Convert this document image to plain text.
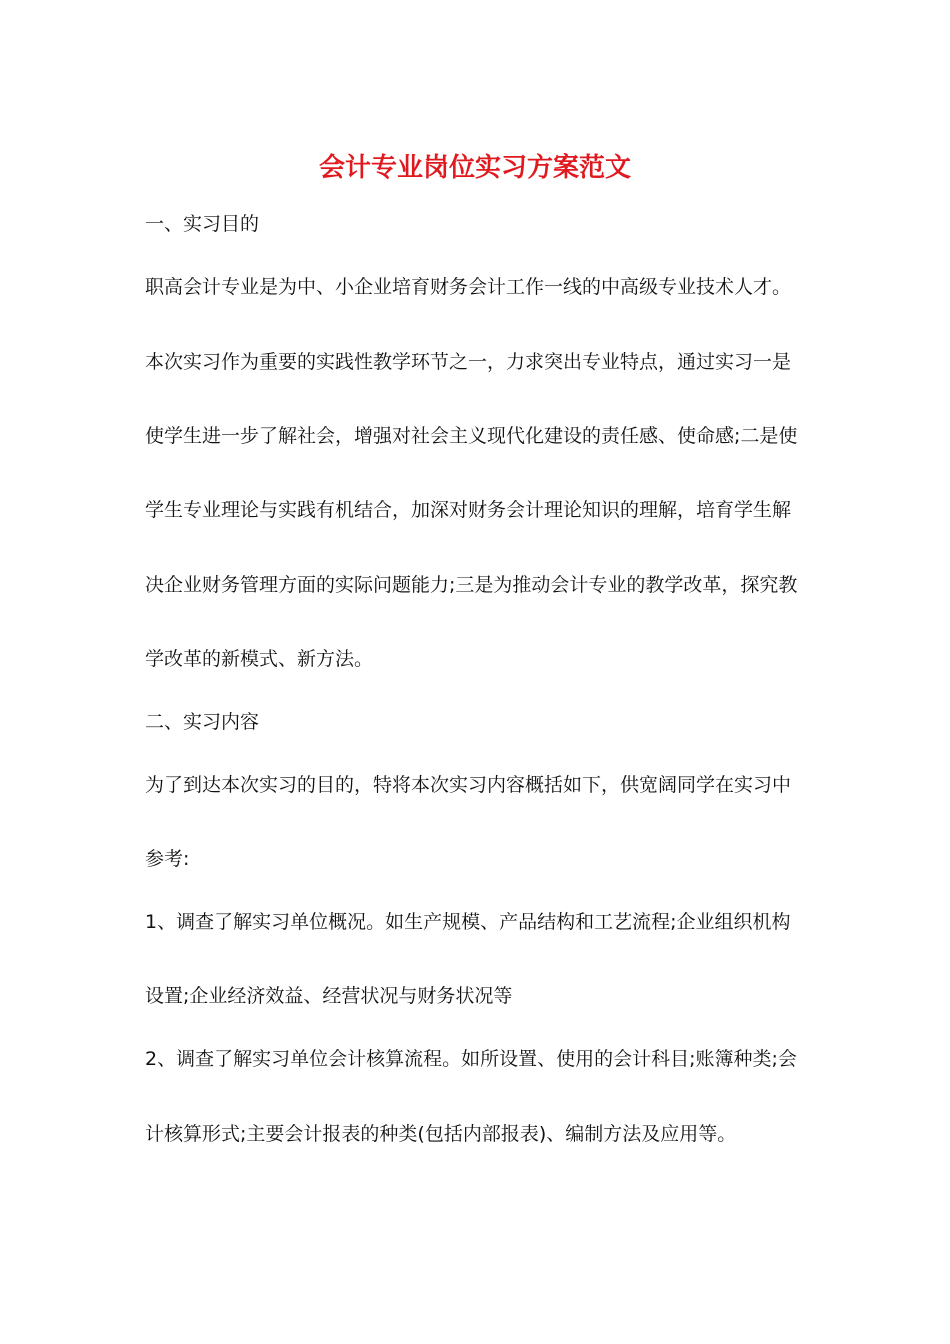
会计专业岗位实习方案范文
一、实习目的
职高会计专业是为中、小企业培育财务会计工作一线的中高级专业技术人才。
本次实习作为重要的实践性教学环节之一，力求突出专业特点，通过实习一是
使学生进一步了解社会，增强对社会主义现代化建设的责任感、使命感;二是使
学生专业理论与实践有机结合，加深对财务会计理论知识的理解，培育学生解
决企业财务管理方面的实际问题能力;三是为推动会计专业的教学改革，探究教
学改革的新模式、新方法。
二、实习内容
为了到达本次实习的目的，特将本次实习内容概括如下，供宽阔同学在实习中
参考:
1、调查了解实习单位概况。如生产规模、产品结构和工艺流程;企业组织机构
设置;企业经济效益、经营状况与财务状况等
2、调查了解实习单位会计核算流程。如所设置、使用的会计科目;账簿种类;会
计核算形式;主要会计报表的种类(包括内部报表)、编制方法及应用等。
